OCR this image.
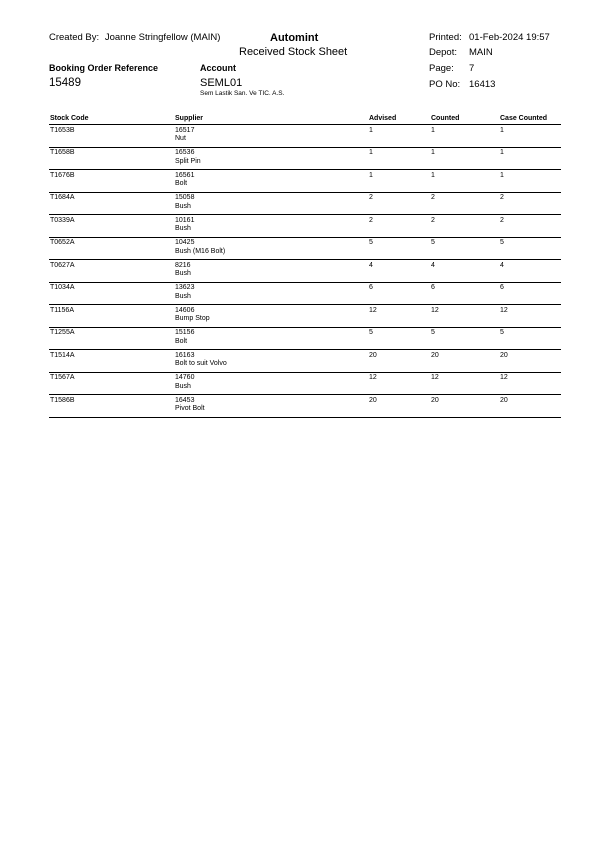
Created By: Joanne Stringfellow (MAIN)	Automint
Received Stock Sheet
Printed: 01-Feb-2024 19:57
Depot: MAIN
Page: 7
Booking Order Reference
15489
Account
SEML01
Sem Lastik San. Ve TIC. A.S.
PO No: 16413
Stock Code	Supplier	Advised	Counted	Case Counted
T1653B	16517
Nut
1	1	1
T1658B	16536
Split Pin
1	1	1
T1676B	16561
Bolt
1	1	1
T1684A	15058
Bush
2	2	2
T0339A	10161
Bush
2	2	2
T0652A	10425
Bush (M16 Bolt)
5	5	5
T0627A	8216
Bush
4	4	4
T1034A	13623
Bush
6	6	6
T1156A	14606
Bump Stop
12	12	12
T1255A	15156
Bolt
5	5	5
T1514A	16163
Bolt to suit Volvo
20	20	20
T1567A	14760
Bush
12	12	12
T1586B	16453
Pivot Bolt
20	20	20
